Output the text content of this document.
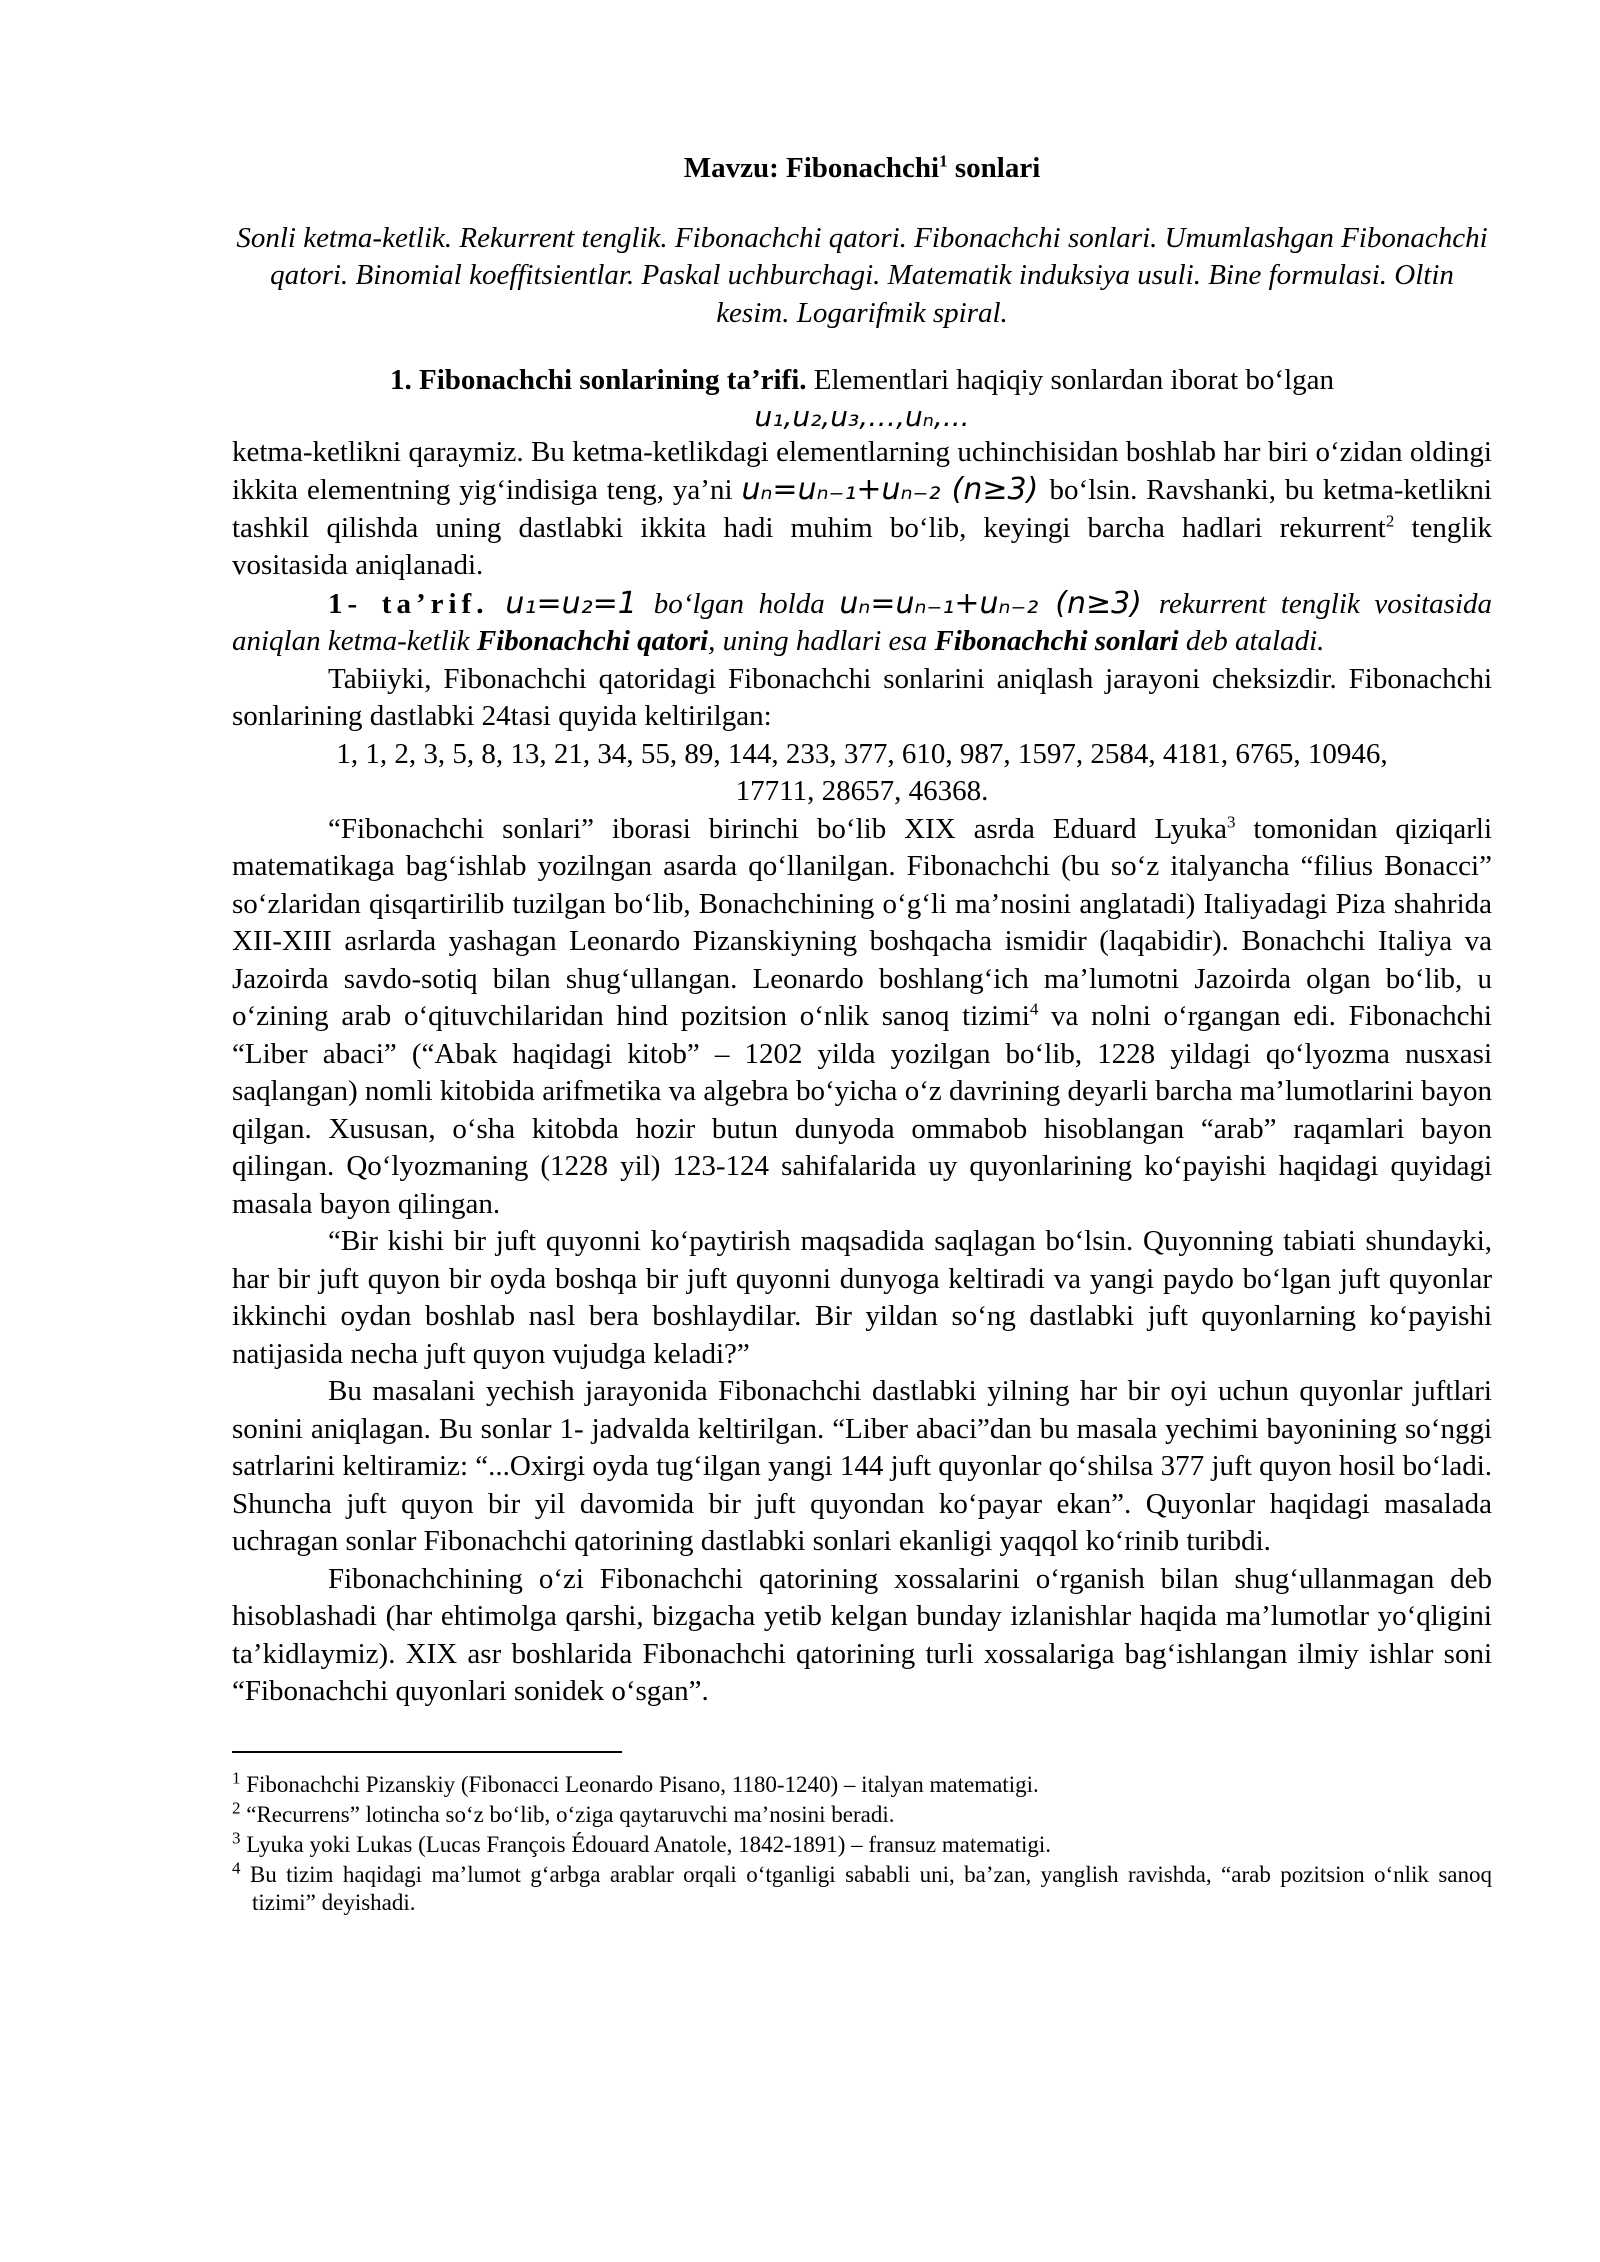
Mavzu: Fibonachchi$^1$ sonlari
Sonli ketma-ketlik. Rekurrent tenglik. Fibonachchi qatori. Fibonachchi sonlari. Umumlashgan Fibonachchi qatori. Binomial koeffitsientlar. Paskal uchburchagi. Matematik induksiya usuli. Bine formulasi. Oltin kesim. Logarifmik spiral.

1. Fibonachchi sonlarining ta’rifi. Elementlari haqiqiy sonlardan iborat bo‘lgan

u₁,u₂,u₃,…,uₙ,...

ketma-ketlikni qaraymiz. Bu ketma-ketlikdagi elementlarning uchinchisidan boshlab har biri o‘zidan oldingi ikkita elementning yig‘indisiga teng, ya’ni uₙ=uₙ₋₁+uₙ₋₂ (n≥3) bo‘lsin. Ravshanki, bu ketma-ketlikni tashkil qilishda uning dastlabki ikkita hadi muhim bo‘lib, keyingi barcha hadlari rekurrent$^2$ tenglik vositasida aniqlanadi.

1- ta’rif. u₁=u₂=1 bo‘lgan holda uₙ=uₙ₋₁+uₙ₋₂ (n≥3) rekurrent tenglik vositasida aniqlan ketma-ketlik Fibonachchi qatori, uning hadlari esa Fibonachchi sonlari deb ataladi.

Tabiiyki, Fibonachchi qatoridagi Fibonachchi sonlarini aniqlash jarayoni cheksizdir. Fibonachchi sonlarining dastlabki 24tasi quyida keltirilgan:

1, 1, 2, 3, 5, 8, 13, 21, 34, 55, 89, 144, 233, 377, 610, 987, 1597, 2584, 4181, 6765, 10946,
17711, 28657, 46368.

“Fibonachchi sonlari” iborasi birinchi bo‘lib XIX asrda Eduard Lyuka$^3$ tomonidan qiziqarli matematikaga bag‘ishlab yozilngan asarda qo‘llanilgan. Fibonachchi (bu so‘z italyancha “filius Bonacci” so‘zlaridan qisqartirilib tuzilgan bo‘lib, Bonachchining o‘g‘li ma’nosini anglatadi) Italiyadagi Piza shahrida XII-XIII asrlarda yashagan Leonardo Pizanskiyning boshqacha ismidir (laqabidir). Bonachchi Italiya va Jazoirda savdo-sotiq bilan shug‘ullangan. Leonardo boshlang‘ich ma’lumotni Jazoirda olgan bo‘lib, u o‘zining arab o‘qituvchilaridan hind pozitsion o‘nlik sanoq tizimi$^4$ va nolni o‘rgangan edi. Fibonachchi “Liber abaci” (“Abak haqidagi kitob” – 1202 yilda yozilgan bo‘lib, 1228 yildagi qo‘lyozma nusxasi saqlangan) nomli kitobida arifmetika va algebra bo‘yicha o‘z davrining deyarli barcha ma’lumotlarini bayon qilgan. Xususan, o‘sha kitobda hozir butun dunyoda ommabob hisoblangan “arab” raqamlari bayon qilingan. Qo‘lyozmaning (1228 yil) 123-124 sahifalarida uy quyonlarining ko‘payishi haqidagi quyidagi masala bayon qilingan.

“Bir kishi bir juft quyonni ko‘paytirish maqsadida saqlagan bo‘lsin. Quyonning tabiati shundayki, har bir juft quyon bir oyda boshqa bir juft quyonni dunyoga keltiradi va yangi paydo bo‘lgan juft quyonlar ikkinchi oydan boshlab nasl bera boshlaydilar. Bir yildan so‘ng dastlabki juft quyonlarning ko‘payishi natijasida necha juft quyon vujudga keladi?”

Bu masalani yechish jarayonida Fibonachchi dastlabki yilning har bir oyi uchun quyonlar juftlari sonini aniqlagan. Bu sonlar 1- jadvalda keltirilgan. “Liber abaci”dan bu masala yechimi bayonining so‘nggi satrlarini keltiramiz: “...Oxirgi oyda tug‘ilgan yangi 144 juft quyonlar qo‘shilsa 377 juft quyon hosil bo‘ladi. Shuncha juft quyon bir yil davomida bir juft quyondan ko‘payar ekan”. Quyonlar haqidagi masalada uchragan sonlar Fibonachchi qatorining dastlabki sonlari ekanligi yaqqol ko‘rinib turibdi.

Fibonachchining o‘zi Fibonachchi qatorining xossalarini o‘rganish bilan shug‘ullanmagan deb hisoblashadi (har ehtimolga qarshi, bizgacha yetib kelgan bunday izlanishlar haqida ma’lumotlar yo‘qligini ta’kidlaymiz). XIX asr boshlarida Fibonachchi qatorining turli xossalariga bag‘ishlangan ilmiy ishlar soni “Fibonachchi quyonlari sonidek o‘sgan”.

$^1$ Fibonachchi Pizanskiy (Fibonacci Leonardo Pisano, 1180-1240) – italyan matematigi.

$^2$ “Recurrens” lotincha so‘z bo‘lib, o‘ziga qaytaruvchi ma’nosini beradi.

$^3$ Lyuka yoki Lukas (Lucas François Édouard Anatole, 1842-1891) – fransuz matematigi.

$^4$ Bu tizim haqidagi ma’lumot g‘arbga arablar orqali o‘tganligi sababli uni, ba’zan, yanglish ravishda, “arab pozitsion o‘nlik sanoq tizimi” deyishadi.
